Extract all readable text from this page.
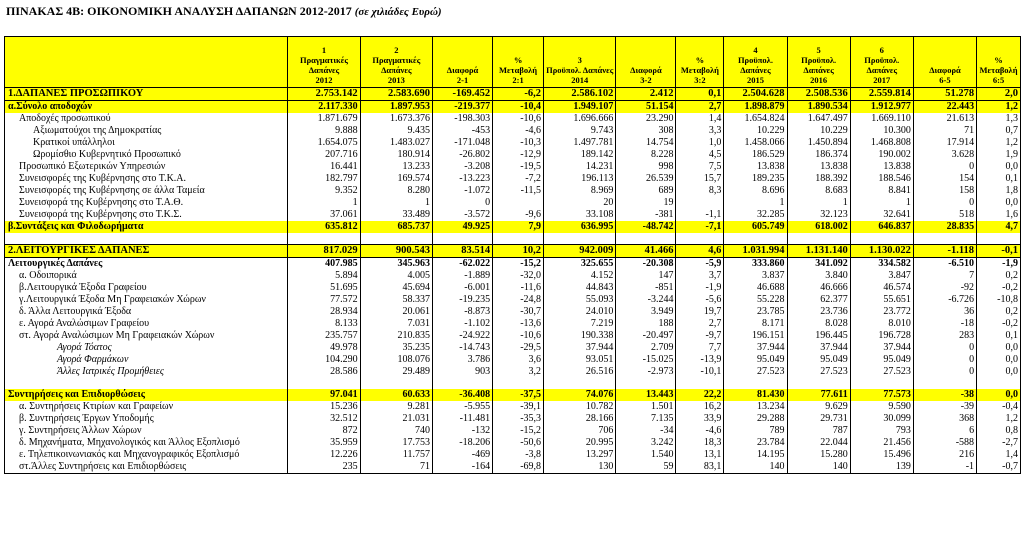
ΠΙΝΑΚΑΣ 4Β: ΟΙΚΟΝΟΜΙΚΗ ΑΝΑΛΥΣΗ ΔΑΠΑΝΩΝ 2012-2017 (σε χιλιάδες Ευρώ)
	1
Πραγματικές Δαπάνες
2012	2
Πραγματικές Δαπάνες
2013	Διαφορά
2-1	%
Μεταβολή
2:1	3
Προϋπολ. Δαπάνες
2014	Διαφορά
3-2	%
Μεταβολή
3:2	4
Προϋπολ. Δαπάνες
2015	5
Προϋπολ. Δαπάνες
2016	6
Προϋπολ. Δαπάνες
2017	Διαφορά
6-5	%
Μεταβολή
6:5
1.ΔΑΠΑΝΕΣ ΠΡΟΣΩΠΙΚΟΥ	2.753.142	2.583.690	-169.452	-6,2	2.586.102	2.412	0,1	2.504.628	2.508.536	2.559.814	51.278	2,0
α.Σύνολο αποδοχών	2.117.330	1.897.953	-219.377	-10,4	1.949.107	51.154	2,7	1.898.879	1.890.534	1.912.977	22.443	1,2
Αποδοχές προσωπικού	1.871.679	1.673.376	-198.303	-10,6	1.696.666	23.290	1,4	1.654.824	1.647.497	1.669.110	21.613	1,3
Αξιωματούχοι της Δημοκρατίας	9.888	9.435	-453	-4,6	9.743	308	3,3	10.229	10.229	10.300	71	0,7
Κρατικοί υπάλληλοι	1.654.075	1.483.027	-171.048	-10,3	1.497.781	14.754	1,0	1.458.066	1.450.894	1.468.808	17.914	1,2
Ωρομίσθιο Κυβερνητικό Προσωπικό	207.716	180.914	-26.802	-12,9	189.142	8.228	4,5	186.529	186.374	190.002	3.628	1,9
Προσωπικό Εξωτερικών Υπηρεσιών	16.441	13.233	-3.208	-19,5	14.231	998	7,5	13.838	13.838	13.838	0	0,0
Συνεισφορές της Κυβέρνησης στο Τ.Κ.Α.	182.797	169.574	-13.223	-7,2	196.113	26.539	15,7	189.235	188.392	188.546	154	0,1
Συνεισφορές της Κυβέρνησης σε άλλα Ταμεία	9.352	8.280	-1.072	-11,5	8.969	689	8,3	8.696	8.683	8.841	158	1,8
Συνεισφορά της Κυβέρνησης στο Τ.Α.Θ.	1	1	0		20	19		1	1	1	0	0,0
Συνεισφορά της Κυβέρνησης στο Τ.Κ.Σ.	37.061	33.489	-3.572	-9,6	33.108	-381	-1,1	32.285	32.123	32.641	518	1,6
β.Συντάξεις και Φιλοδωρήματα	635.812	685.737	49.925	7,9	636.995	-48.742	-7,1	605.749	618.002	646.837	28.835	4,7

2.ΛΕΙΤΟΥΡΓΙΚΕΣ ΔΑΠΑΝΕΣ	817.029	900.543	83.514	10,2	942.009	41.466	4,6	1.031.994	1.131.140	1.130.022	-1.118	-0,1
Λειτουργικές Δαπάνες	407.985	345.963	-62.022	-15,2	325.655	-20.308	-5,9	333.860	341.092	334.582	-6.510	-1,9
α. Οδοιπορικά	5.894	4.005	-1.889	-32,0	4.152	147	3,7	3.837	3.840	3.847	7	0,2
β.Λειτουργικά Έξοδα Γραφείου	51.695	45.694	-6.001	-11,6	44.843	-851	-1,9	46.688	46.666	46.574	-92	-0,2
γ.Λειτουργικά Έξοδα Μη Γραφειακών Χώρων	77.572	58.337	-19.235	-24,8	55.093	-3.244	-5,6	55.228	62.377	55.651	-6.726	-10,8
δ. Άλλα Λειτουργικά Έξοδα	28.934	20.061	-8.873	-30,7	24.010	3.949	19,7	23.785	23.736	23.772	36	0,2
ε. Αγορά Αναλώσιμων Γραφείου	8.133	7.031	-1.102	-13,6	7.219	188	2,7	8.171	8.028	8.010	-18	-0,2
στ. Αγορά Αναλώσιμων Μη Γραφειακών Χώρων	235.757	210.835	-24.922	-10,6	190.338	-20.497	-9,7	196.151	196.445	196.728	283	0,1
Αγορά Τόατος	49.978	35.235	-14.743	-29,5	37.944	2.709	7,7	37.944	37.944	37.944	0	0,0
Αγορά Φαρμάκων	104.290	108.076	3.786	3,6	93.051	-15.025	-13,9	95.049	95.049	95.049	0	0,0
Άλλες Ιατρικές Προμήθειες	28.586	29.489	903	3,2	26.516	-2.973	-10,1	27.523	27.523	27.523	0	0,0

Συντηρήσεις και Επιδιορθώσεις	97.041	60.633	-36.408	-37,5	74.076	13.443	22,2	81.430	77.611	77.573	-38	0,0
α. Συντηρήσεις Κτιρίων και Γραφείων	15.236	9.281	-5.955	-39,1	10.782	1.501	16,2	13.234	9.629	9.590	-39	-0,4
β. Συντηρήσεις Έργων Υποδομής	32.512	21.031	-11.481	-35,3	28.166	7.135	33,9	29.288	29.731	30.099	368	1,2
γ. Συντηρήσεις Άλλων Χώρων	872	740	-132	-15,2	706	-34	-4,6	789	787	793	6	0,8
δ. Μηχανήματα, Μηχανολογικός και Άλλος Εξοπλισμό	35.959	17.753	-18.206	-50,6	20.995	3.242	18,3	23.784	22.044	21.456	-588	-2,7
ε. Τηλεπικοινωνιακός και Μηχανογραφικός Εξοπλισμό	12.226	11.757	-469	-3,8	13.297	1.540	13,1	14.195	15.280	15.496	216	1,4
στ.Άλλες Συντηρήσεις και Επιδιορθώσεις	235	71	-164	-69,8	130	59	83,1	140	140	139	-1	-0,7
